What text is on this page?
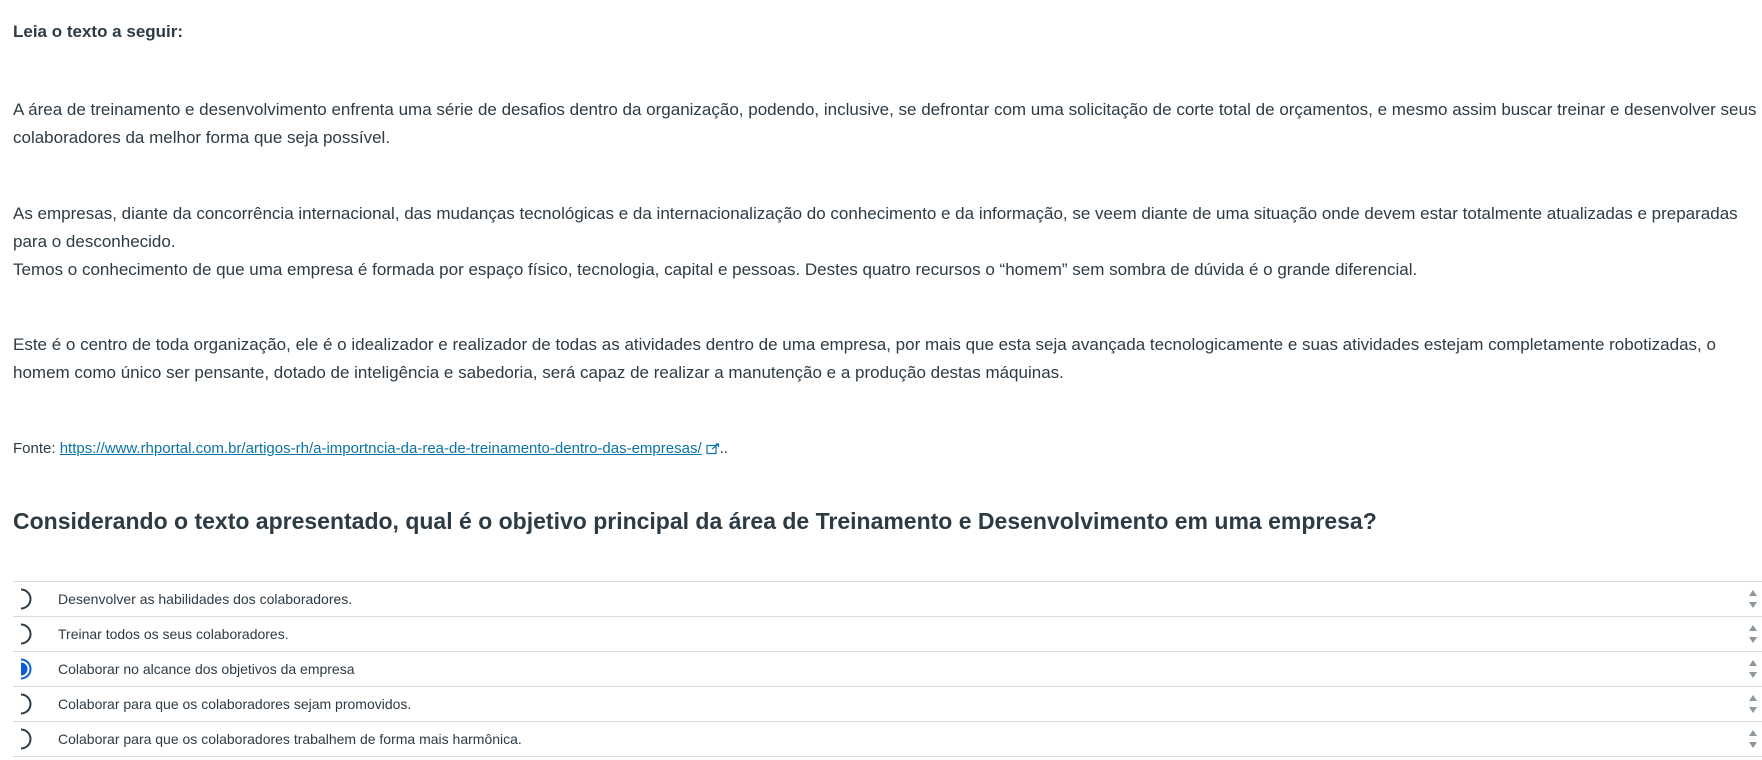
Leia o texto a seguir:

A área de treinamento e desenvolvimento enfrenta uma série de desafios dentro da organização, podendo, inclusive, se defrontar com uma solicitação de corte total de orçamentos, e mesmo assim buscar treinar e desenvolver seus colaboradores da melhor forma que seja possível.

As empresas, diante da concorrência internacional, das mudanças tecnológicas e da internacionalização do conhecimento e da informação, se veem diante de uma situação onde devem estar totalmente atualizadas e preparadas para o desconhecido.
Temos o conhecimento de que uma empresa é formada por espaço físico, tecnologia, capital e pessoas. Destes quatro recursos o “homem” sem sombra de dúvida é o grande diferencial.

Este é o centro de toda organização, ele é o idealizador e realizador de todas as atividades dentro de uma empresa, por mais que esta seja avançada tecnologicamente e suas atividades estejam completamente robotizadas, o homem como único ser pensante, dotado de inteligência e sabedoria, será capaz de realizar a manutenção e a produção destas máquinas.

Fonte: https://www.rhportal.com.br/artigos-rh/a-importncia-da-rea-de-treinamento-dentro-das-empresas/ ..
Considerando o texto apresentado, qual é o objetivo principal da área de Treinamento e Desenvolvimento em uma empresa?
Desenvolver as habilidades dos colaboradores.
Treinar todos os seus colaboradores.
Colaborar no alcance dos objetivos da empresa
Colaborar para que os colaboradores sejam promovidos.
Colaborar para que os colaboradores trabalhem de forma mais harmônica.
